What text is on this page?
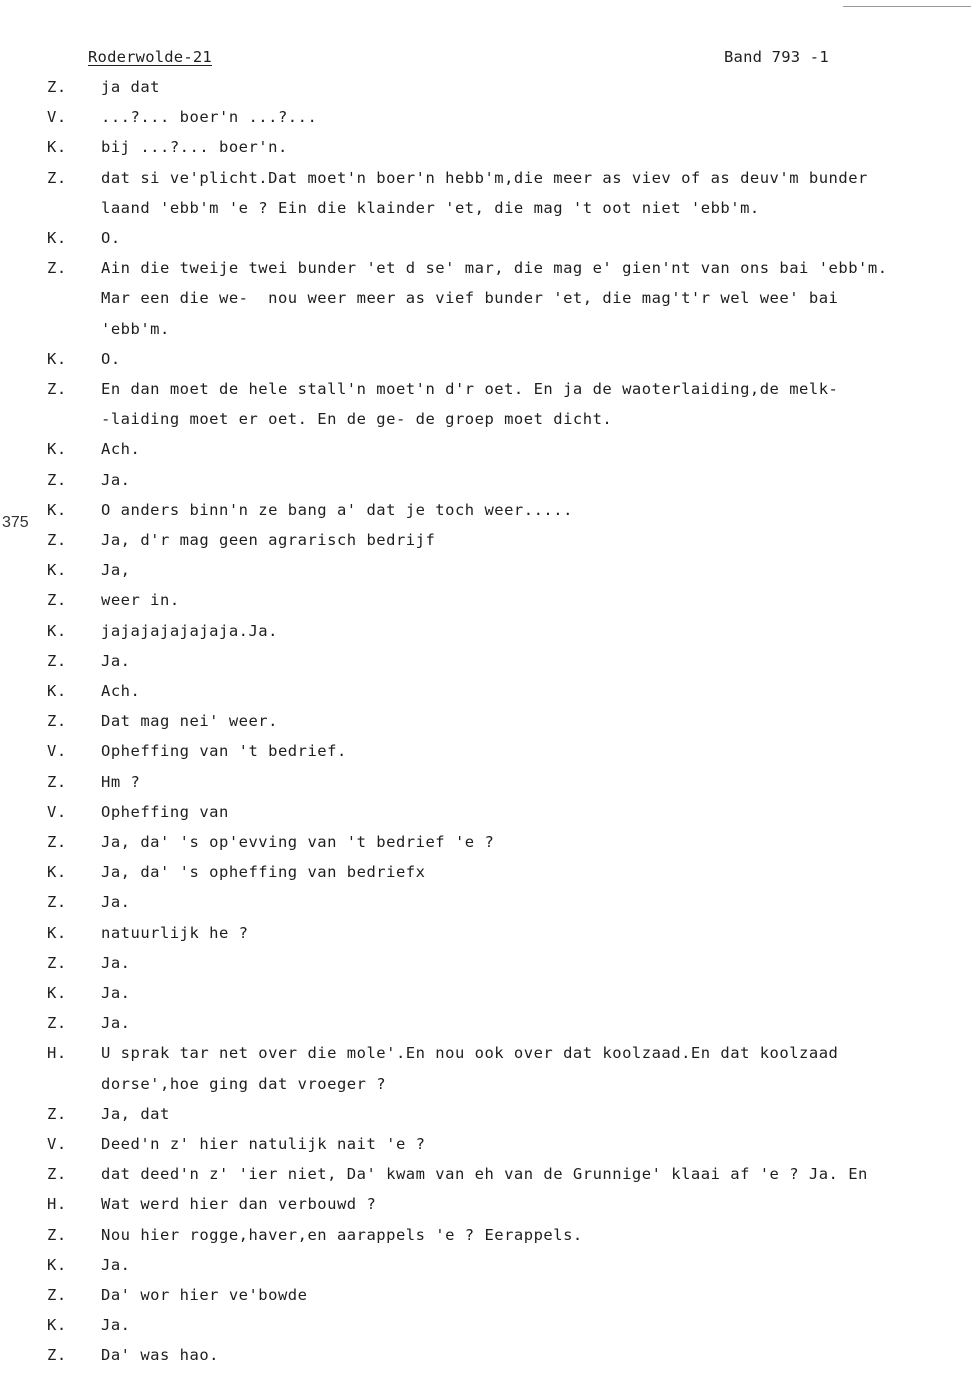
Roderwolde-21	Band 793 -1
375
Z. ja dat
V. ...?... boer'n ...?...
K. bij ...?... boer'n.
Z. dat si ve'plicht.Dat moet'n boer'n hebb'm,die meer as viev of as deuv'm bunder
laand 'ebb'm 'e ? Ein die klainder 'et, die mag 't oot niet 'ebb'm.
K. O.
Z. Ain die tweije twei bunder 'et d se' mar, die mag e' gien'nt van ons bai 'ebb'm.
Mar een die we-  nou weer meer as vief bunder 'et, die mag't'r wel wee' bai
'ebb'm.
K. O.
Z. En dan moet de hele stall'n moet'n d'r oet. En ja de waoterlaiding,de melk-
-laiding moet er oet. En de ge- de groep moet dicht.
K. Ach.
Z. Ja.
K. O anders binn'n ze bang a' dat je toch weer.....
Z. Ja, d'r mag geen agrarisch bedrijf
K. Ja,
Z. weer in.
K. jajajajajajaja.Ja.
Z. Ja.
K. Ach.
Z. Dat mag nei' weer.
V. Opheffing van 't bedrief.
Z. Hm ?
V. Opheffing van
Z. Ja, da' 's op'evving van 't bedrief 'e ?
K. Ja, da' 's opheffing van bedriefx
Z. Ja.
K. natuurlijk he ?
Z. Ja.
K. Ja.
Z. Ja.
H. U sprak tar net over die mole'.En nou ook over dat koolzaad.En dat koolzaad
dorse',hoe ging dat vroeger ?
Z. Ja, dat
V. Deed'n z' hier natulijk nait 'e ?
Z. dat deed'n z' 'ier niet, Da' kwam van eh van de Grunnige' klaai af 'e ? Ja. En
H. Wat werd hier dan verbouwd ?
Z. Nou hier rogge,haver,en aarappels 'e ? Eerappels.
K. Ja.
Z. Da' wor hier ve'bowde
K. Ja.
Z. Da' was hao.
